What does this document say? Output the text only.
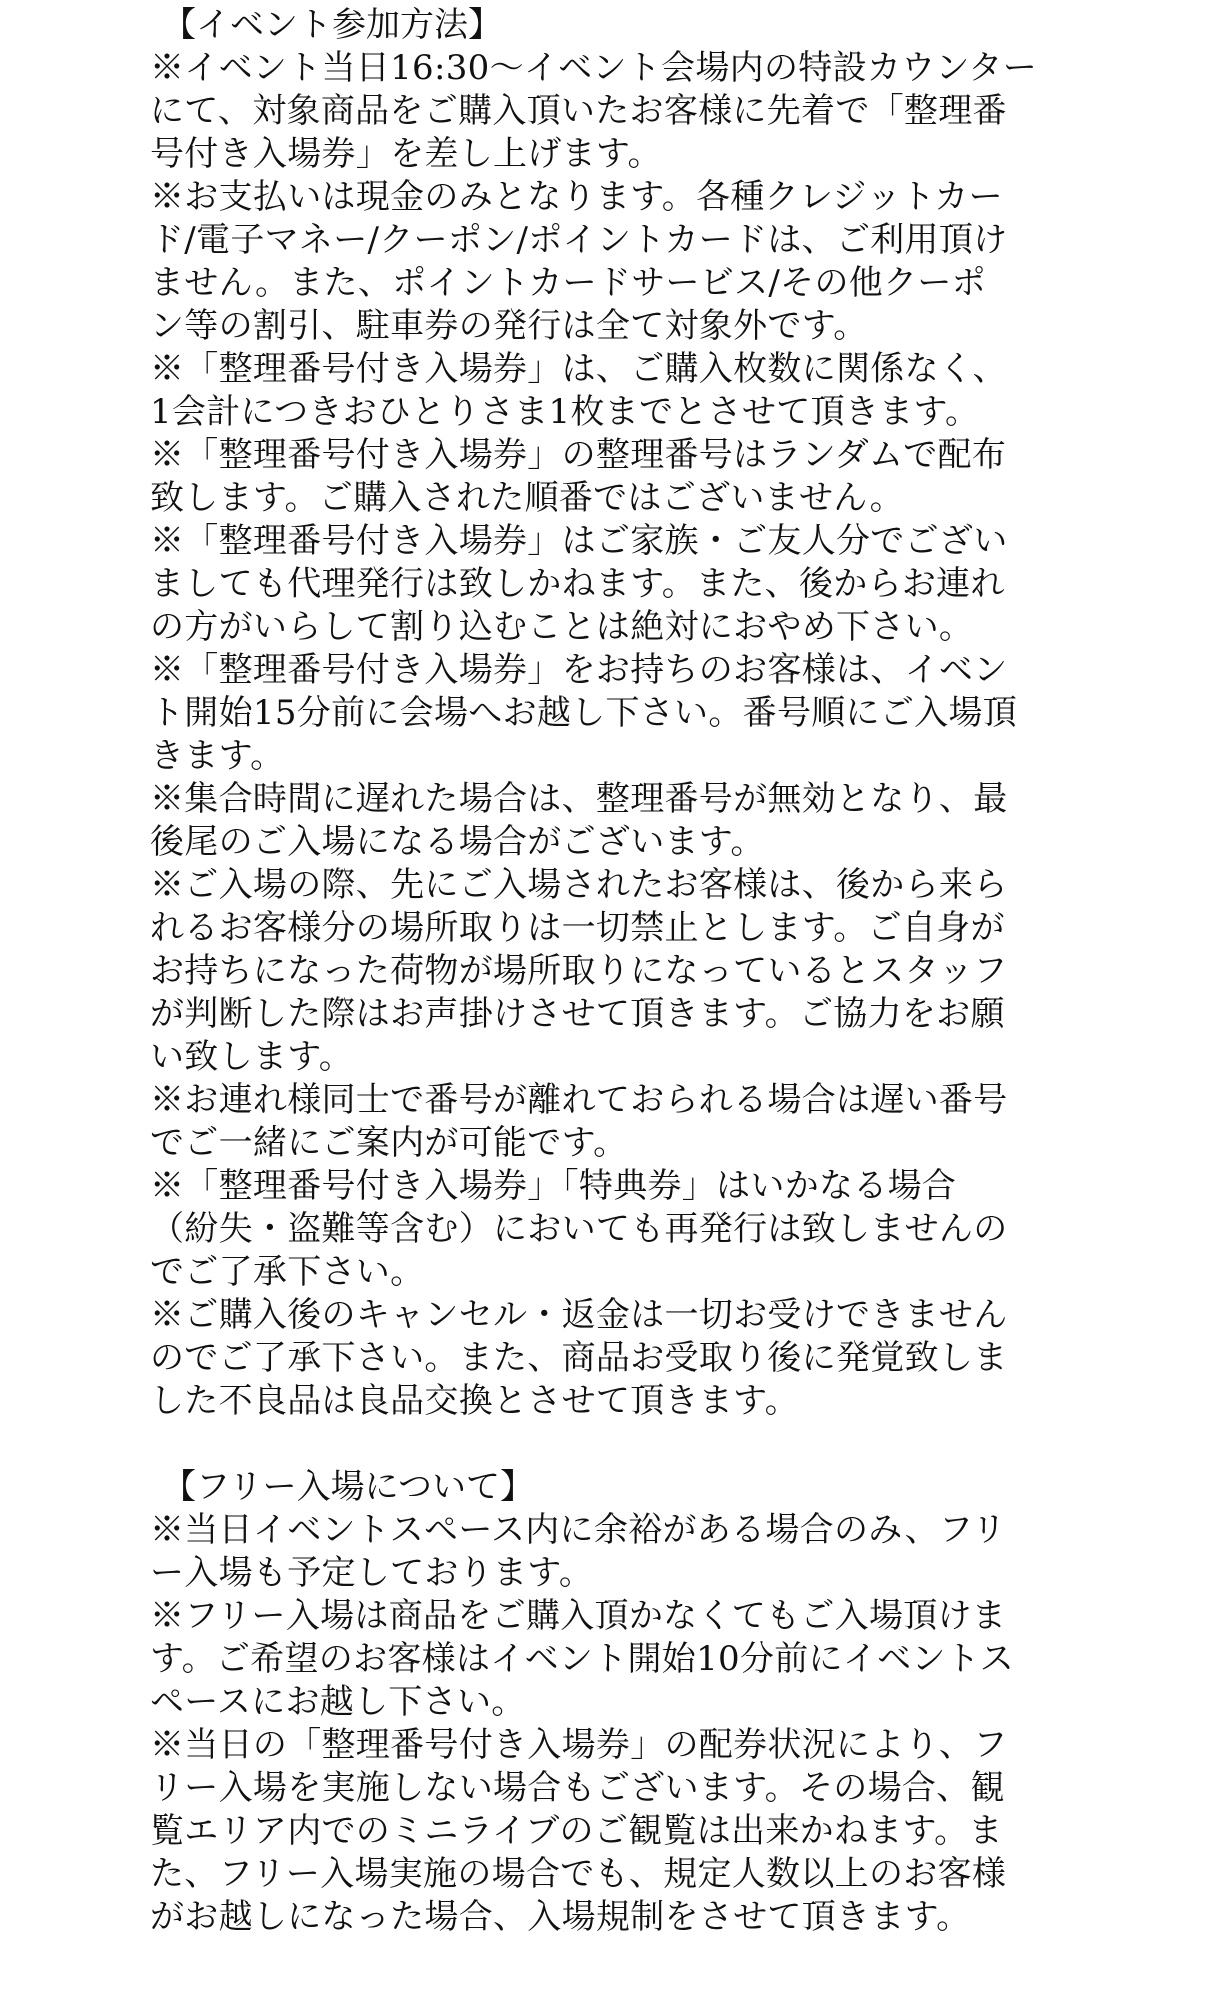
【イベント参加方法】

※イベント当日16:30〜イベント会場内の特設カウンター

にて、対象商品をご購入頂いたお客様に先着で「整理番

号付き入場券」を差し上げます。

※お支払いは現金のみとなります。各種クレジットカー

ド/電子マネー/クーポン/ポイントカードは、ご利用頂け

ません。また、ポイントカードサービス/その他クーポ

ン等の割引、駐車券の発行は全て対象外です。

※「整理番号付き入場券」は、ご購入枚数に関係なく、

1会計につきおひとりさま1枚までとさせて頂きます。

※「整理番号付き入場券」の整理番号はランダムで配布

致します。ご購入された順番ではございません。

※「整理番号付き入場券」はご家族・ご友人分でござい

ましても代理発行は致しかねます。また、後からお連れ

の方がいらして割り込むことは絶対におやめ下さい。

※「整理番号付き入場券」をお持ちのお客様は、イベン

ト開始15分前に会場へお越し下さい。番号順にご入場頂

きます。

※集合時間に遅れた場合は、整理番号が無効となり、最

後尾のご入場になる場合がございます。

※ご入場の際、先にご入場されたお客様は、後から来ら

れるお客様分の場所取りは一切禁止とします。ご自身が

お持ちになった荷物が場所取りになっているとスタッフ

が判断した際はお声掛けさせて頂きます。ご協力をお願

い致します。

※お連れ様同士で番号が離れておられる場合は遅い番号

でご一緒にご案内が可能です。

※「整理番号付き入場券」「特典券」はいかなる場合

（紛失・盗難等含む）においても再発行は致しませんの

でご了承下さい。

※ご購入後のキャンセル・返金は一切お受けできません

のでご了承下さい。また、商品お受取り後に発覚致しま

した不良品は良品交換とさせて頂きます。

【フリー入場について】

※当日イベントスペース内に余裕がある場合のみ、フリ

ー入場も予定しております。

※フリー入場は商品をご購入頂かなくてもご入場頂けま

す。ご希望のお客様はイベント開始10分前にイベントス

ペースにお越し下さい。

※当日の「整理番号付き入場券」の配券状況により、フ

リー入場を実施しない場合もございます。その場合、観

覧エリア内でのミニライブのご観覧は出来かねます。ま

た、フリー入場実施の場合でも、規定人数以上のお客様

がお越しになった場合、入場規制をさせて頂きます。
